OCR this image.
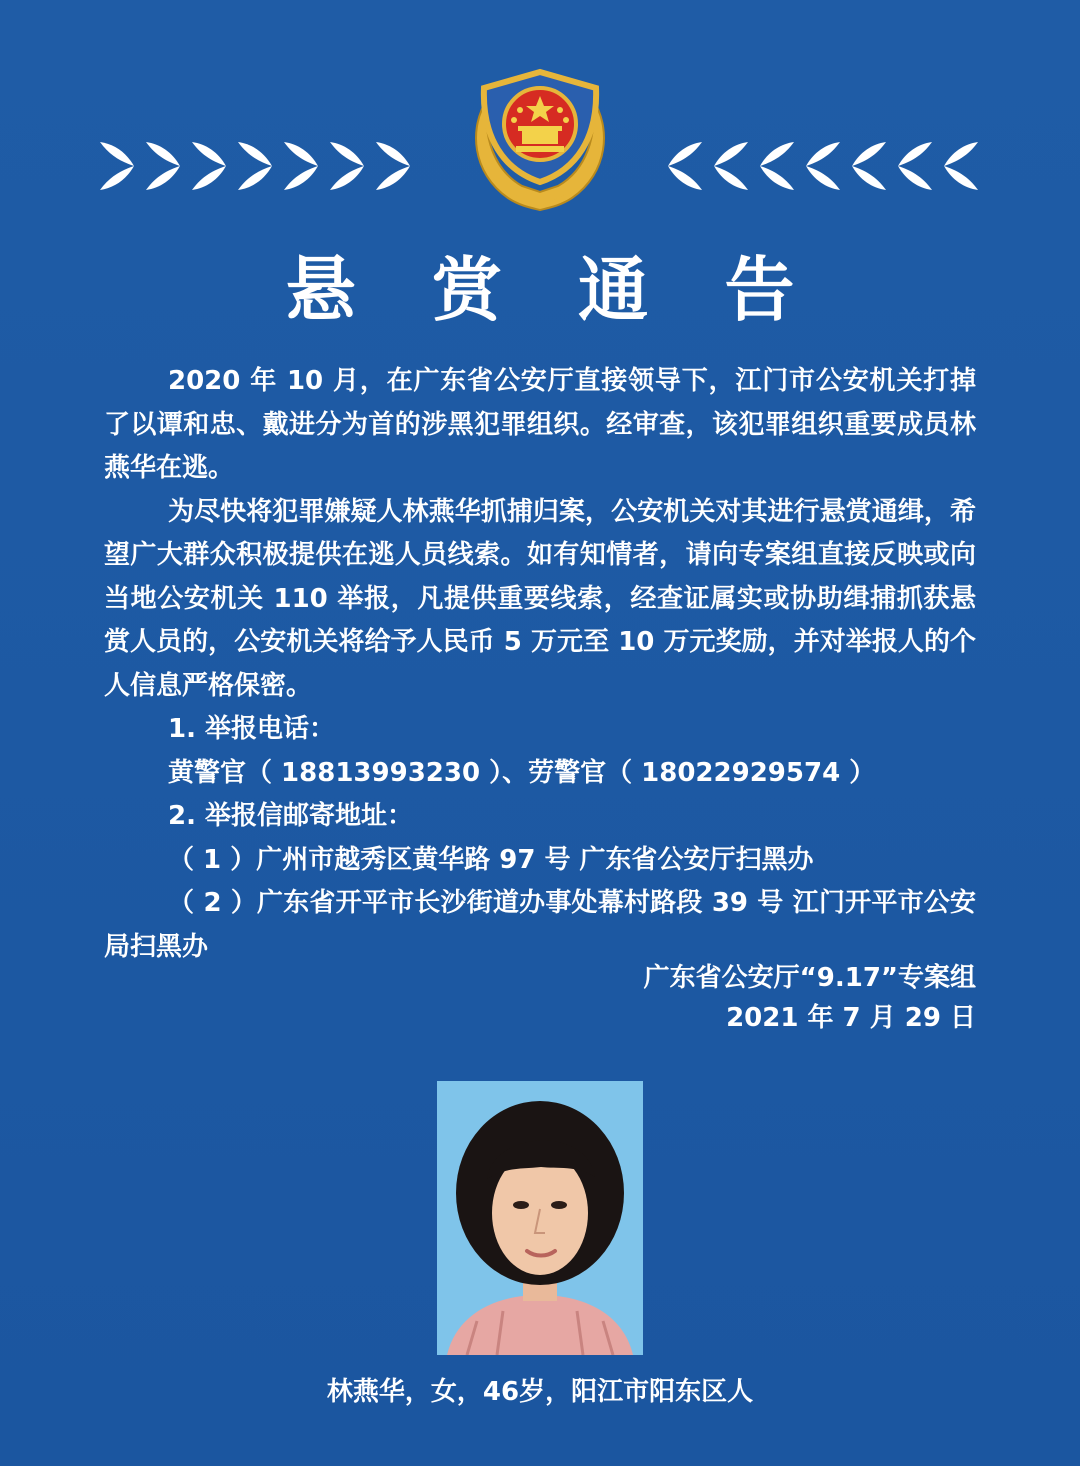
悬 赏 通 告

2020 年 10 月，在广东省公安厅直接领导下，江门市公安机关打掉了以谭和忠、戴进分为首的涉黑犯罪组织。经审查，该犯罪组织重要成员林燕华在逃。

为尽快将犯罪嫌疑人林燕华抓捕归案，公安机关对其进行悬赏通缉，希望广大群众积极提供在逃人员线索。如有知情者，请向专案组直接反映或向当地公安机关 110 举报，凡提供重要线索，经查证属实或协助缉捕抓获悬赏人员的，公安机关将给予人民币 5 万元至 10 万元奖励，并对举报人的个人信息严格保密。

1. 举报电话：

黄警官（ 18813993230 ）、劳警官（ 18022929574 ）

2. 举报信邮寄地址：

（ 1 ）广州市越秀区黄华路 97 号 广东省公安厅扫黑办

（ 2 ）广东省开平市长沙街道办事处幕村路段 39 号 江门开平市公安局扫黑办

广东省公安厅“9.17”专案组
2021 年 7 月 29 日
林燕华，女，46岁，阳江市阳东区人
